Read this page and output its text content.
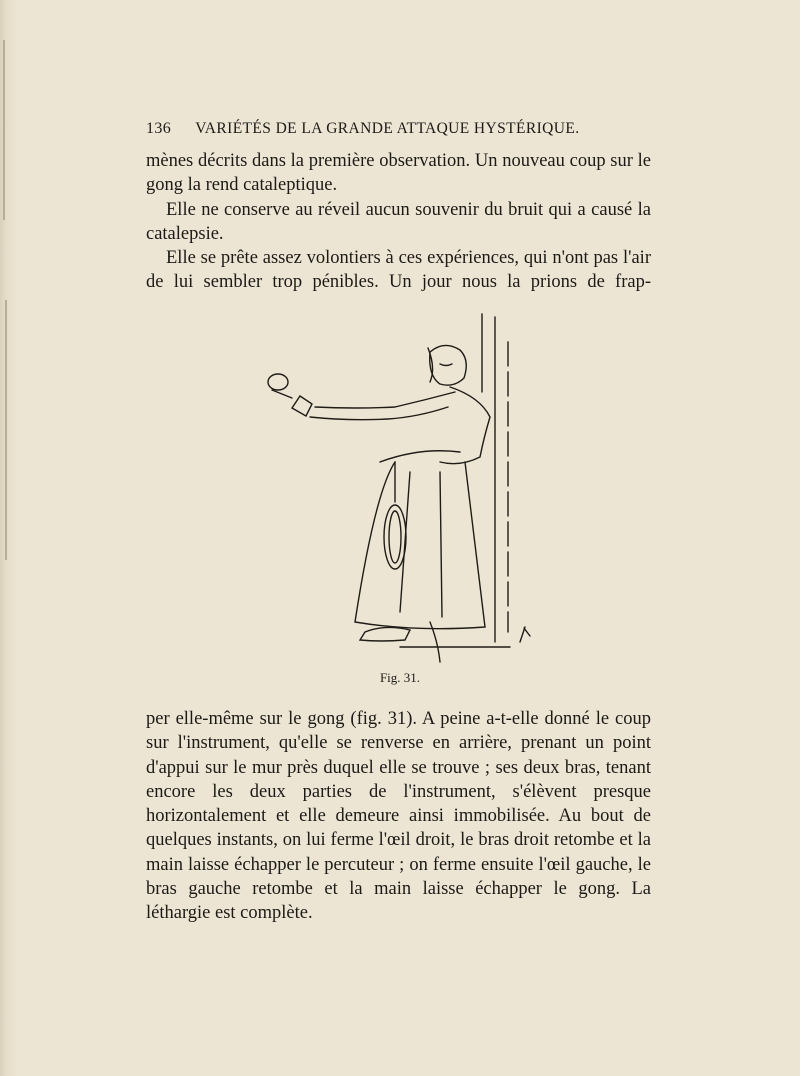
136 VARIÉTÉS DE LA GRANDE ATTAQUE HYSTÉRIQUE.

mènes décrits dans la première observation. Un nouveau coup sur le gong la rend cataleptique.

Elle ne conserve au réveil aucun souvenir du bruit qui a causé la catalepsie.

Elle se prête assez volontiers à ces expériences, qui n'ont pas l'air de lui sembler trop pénibles. Un jour nous la prions de frap-

Fig. 31.

per elle-même sur le gong (fig. 31). A peine a-t-elle donné le coup sur l'instrument, qu'elle se renverse en arrière, prenant un point d'appui sur le mur près duquel elle se trouve ; ses deux bras, tenant encore les deux parties de l'instrument, s'élèvent presque horizontalement et elle demeure ainsi immobilisée. Au bout de quelques instants, on lui ferme l'œil droit, le bras droit retombe et la main laisse échapper le percuteur ; on ferme ensuite l'œil gauche, le bras gauche retombe et la main laisse échapper le gong. La léthargie est complète.
